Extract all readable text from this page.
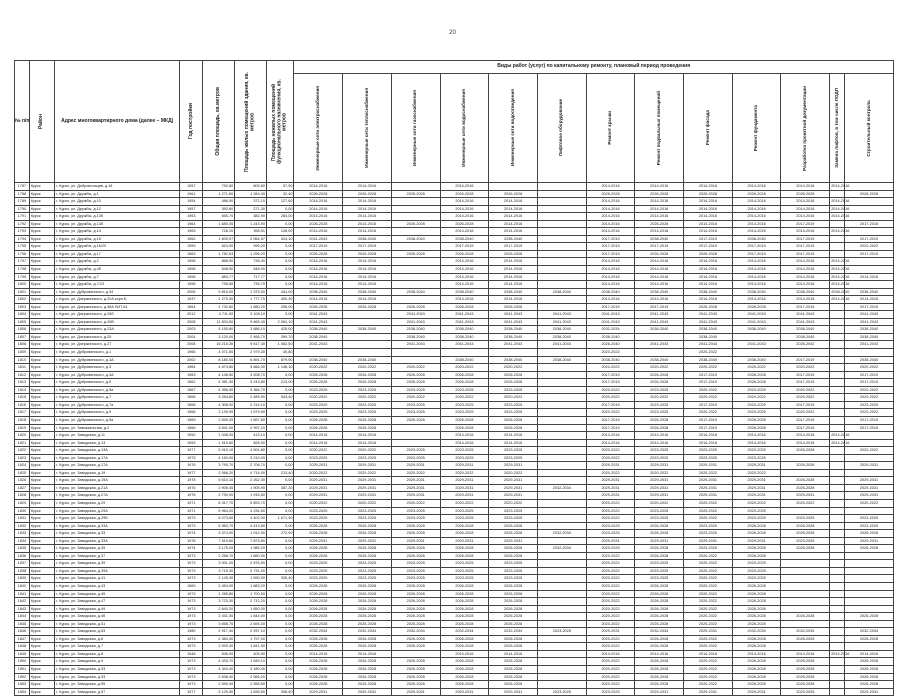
20
№ п/п	Район	Адрес многоквартирного дома (далее – МКД)	Год постройки	Общая площадь, кв.метров	Площадь жилых помещений здания, кв. метров	Площадь нежилых помещений функционального назначения, кв. метров	Виды работ (услуг) по капитальному ремонту, плановый период проведения												

							Инженерные сети электроснабжения	Инженерные сети теплоснабжения	Инженерные сети газоснабжения	Инженерные сети водоснабжения	Инженерные сети водоотведения	Лифтовое оборудование	Ремонт крыши	Ремонт подвальных помещений	Ремонт фасада	Ремонт фундамента	Разработка проектной документации	Замена лифтов, в том числе ЛОДП	Строительный контроль

1787	Курск	г. Курск, ул. Добровольцев, д.18	1957	792,80	609,80	57,90	2014-2016	2014-2016		2014-2016			2014-2016	2014-2016	2014-2016	2014-2016	2014-2016	2014-2016	
1788	Курск	г. Курск, ул. Дружбы, д.1	1961	1 271,80	1 284,40	32,40	2026-2028	2026-2028	2026-2028	2026-2028	2026-2028		2026-2028	2026-2028	2026-2028	2026-2028	2026-2028		2026-2028
1789	Курск	г. Курск, ул. Дружбы, д.10	1954	486,90	372,10	127,60	2014-2016	2014-2016		2014-2016	2014-2016		2014-2016	2014-2016	2014-2016	2014-2016	2014-2016	2014-2016	
1790	Курск	г. Курск, ул. Дружбы, д.12	1957	392,60	271,30	0,00	2014-2016	2014-2016		2014-2016	2014-2016		2014-2016	2014-2016	2014-2016	2014-2016	2014-2016	2014-2016	
1791	Курск	г. Курск, ул. Дружбы, д.13б	1953	655,70	382,90	283,00	2014-2016	2014-2016		2014-2016	2014-2016		2014-2016	2014-2016	2014-2016	2014-2016	2014-2016	2014-2016	
1792	Курск	г. Курск, ул. Дружбы, д.13б	1964	1 680,00	1 243,90	0,00	2026-2028	2014-2016	2026-2028	2026-2028	2014-2016		2014-2016	2026-2028	2014-2016	2014-2016	2017-2019		2017-2018
1793	Курск	г. Курск, ул. Дружбы, д.14	1963	728,20	398,51	128,00	2014-2016	2014-2016		2014-2016	2014-2016		2014-2016	2014-2016	2014-2016	2014-2016	2014-2016	2014-2016	
1794	Курск	г. Курск, ул. Дружбы, д.15	1962	1 609,07	2 064,57	324,10	2041-2043	2038-2040	2038-2040	2038-2040	2038-2040		2017-2019	2038-2040	2017-2019	2038-2040	2017-2019		2017-2019
1795	Курск	г. Курск, ул. Дружбы, д.16/20	1959	624,90	999,20	0,00	2017-2019	2017-2019		2017-2019	2017-2019		2017-2019	2017-2019	2017-2019	2017-2019	2017-2019		2020-2022
1796	Курск	г. Курск, ул. Дружбы, д.17	1963	1 782,63	1 296,20	0,00	2026-2028	2026-2028	2026-2028	2026-2028	2026-2028		2017-2019	2026-2028	2026-2028	2017-2019	2017-2019		2017-2019
1797	Курск	г. Курск, ул. Дружбы, д.2	1958	868,50	738,40	0,00	2014-2016	2014-2016		2014-2016	2014-2016		2014-2016	2014-2016	2014-2016	2014-2016	2014-2016	2014-2016	
1798	Курск	г. Курск, ул. Дружбы, д.4б	1958	548,90	548,90	0,00	2014-2016	2014-2016		2014-2016	2014-2016		2014-2016	2014-2016	2014-2016	2014-2016	2014-2016	2014-2016	
1799	Курск	г. Курск, ул. Дружбы, д.7	1958	883,77	717,77	0,00	2014-2016	2014-2016		2014-2016	2014-2016		2014-2016	2014-2016	2014-2016	2014-2016	2014-2016	2014-2016	2014-2016
1800	Курск	г. Курск, ул. Дружбы, д.7/23	1958	795,60	735,70	0,00	2014-2016	2014-2016		2014-2016	2014-2016		2014-2016	2014-2016	2014-2016	2014-2016	2014-2016	2014-2016	
1801	Курск	г. Курск, ул. Дубровинского, д.34	2006	9 816,00	1 375,00	441,00	2038-2040	2038-2040	2038-2040	2038-2040	2038-2040	2038-2040	2038-2040	2038-2040	2038-2040	2038-2040	2038-2040	2038-2040	2038-2040
1802	Курск	г. Курск, ул. Дзержинского, д.20А корп.Б	1937	1 270,00	1 777,70	492,30	2014-2016	2014-2016		2014-2016	2014-2016		2014-2016	2014-2016	2014-2016	2014-2016	2014-2016	2014-2016	2014-2016
1803	Курск	г. Курск, ул. Дзержинского, д.38А ЛИТ.А1	1964	1 732,60	1 580,20	206,00	2026-2028	2026-2028	2026-2028	2026-2028	2026-2028		2017-2019	2017-2019	2026-2028	2026-2028	2017-2019		2017-2019
1804	Курск	г. Курск, ул. Дзержинского, д.26б	2012	4 711,00	3 108,10	0,00	2041-2043		2041-2043	2041-2043	2041-2043	2041-2043	2041-2043	2041-2043	2041-2043	2041-2043	2041-2043		2041-2043
1805	Курск	г. Курск, ул. Дзержинского, д.26В	2008	11 834,50	9 665,40	2 061,10	2041-2043		2041-2043	2041-2043	2041-2043	2041-2043	2041-2043	2041-2043	2041-2043	2041-2043	2041-2043		2041-2043
1806	Курск	г. Курск, ул. Дзержинского, д.23А	2003	5 155,80	3 886,10	425,00	2038-2040	2038-2040	2038-2040	2038-2040	2038-2040	2038-2040	2032-2034	2038-2040	2038-2040	2038-2040	2038-2040		2038-2040
1807	Курск	г. Курск, ул. Дзержинского, д.25	2004	3 120,00	2 466,70	399,70	2038-2040		2038-2040	2038-2040	2038-2040	2038-2040	2038-2040		2038-2040		2038-2040		2038-2040
1808	Курск	г. Курск, ул. Дзержинского, д.27	2008	16 215,30	9 617,30	1 062,50	2041-2043		2041-2043	2041-2043	2041-2043	2041-2043	2026-2040	2041-2043	2041-2043	2041-2043	2026-2042		2041-2043
1809	Курск	г. Курск, ул. Дубровинского, д.1	1966	4 071,60	2 979,30	40,80							2020-2022		2020-2022				
1810	Курск	г. Курск, ул. Дубровинского, д.1А	2002	8 180,00	6 891,70	879,90	2038-2040	2038-2040		2038-2040	2038-2040	2038-2040	2038-2040	2038-2040	2038-2040	2038-2040	2017-2019		2038-2040
1811	Курск	г. Курск, ул. Дубровинского, д.3	1964	4 674,80	3 666,30	1 146,10	2020-2022	2020-2022	2020-2022	2020-2022	2020-2022		2020-2022	2020-2022	2020-2022	2020-2022	2020-2022		2020-2022
1812	Курск	г. Курск, ул. Дубровинского, д.3А	1963	4 146,50	3 208,70	0,00	2026-2028	2026-2028	2026-2028	2026-2028	2026-2028		2017-2019	2026-2028	2017-2019	2026-2028	2017-2019		2017-2019
1813	Курск	г. Курск, ул. Дубровинского, д.5	1962	4 381,30	3 243,80	213,00	2026-2028	2026-2028	2026-2028	2026-2028	2026-2028		2017-2019	2026-2028	2017-2019	2026-2028	2017-2019		2017-2019
1814	Курск	г. Курск, ул. Дубровинского, д.5а	1967	4 356,50	3 366,70	0,00	2023-2025	2023-2025	2023-2025	2023-2025	2023-2025		2020-2022	2023-2025	2020-2022	2023-2025	2020-2022		2020-2022
1815	Курск	г. Курск, ул. Дубровинского, д.7	1968	3 254,60	2 489,90	543,40	2020-2022	2020-2022	2020-2022	2020-2022	2020-2022		2020-2022	2020-2022	2020-2022	2020-2022	2020-2022		2020-2022
1816	Курск	г. Курск, ул. Дубровинского, д.7а	1968	4 308,00	2 214,10	0,00	2023-2025	2023-2025	2023-2025	2023-2025	2023-2025		2017-2019	2023-2025	2017-2019	2023-2025	2017-2019		2023-2025
1817	Курск	г. Курск, ул. Дубровинского, д.9	1968	2 139,90	1 579,90	0,00	2023-2025	2023-2025	2023-2025	2023-2025	2023-2025		2020-2022	2023-2025	2020-2022	2023-2025	2020-2022		2020-2022
1818	Курск	г. Курск, ул. Дубровинского, д.9а	1969	2 549,20	1 897,60	0,00	2026-2028	2026-2028	2026-2028	2026-2028	2026-2028		2017-2019	2026-2028	2017-2019	2026-2028	2017-2019		2017-2019
1819	Курск	г. Курск, ул. Завокзальная, д.2	1966	3 541,00	2 997,10	0,00	2026-2028	2026-2028		2026-2028	2026-2028		2017-2019	2026-2028	2017-2019	2026-2028	2017-2019		2017-2019
1820	Курск	г. Курск, ул. Заводская, д.11	1952	1 048,00	413,10	0,00	2014-2016	2014-2016		2014-2016	2014-2016		2014-2016	2014-2016	2014-2016	2014-2016	2014-2016	2014-2016	
1821	Курск	г. Курск, ул. Заводская, д.13	1953	1 510,60	828,90	0,00	2014-2016	2014-2016		2014-2016	2014-2016		2014-2016	2014-2016	2014-2016	2014-2016	2014-2016	2014-2016	
1822	Курск	г. Курск, ул. Заводская, д.13А	1977	5 919,10	4 504,80	0,00	2020-2022	2020-2022	2023-2025	2023-2025	2023-2025		2020-2022	2023-2025	2023-2025	2023-2025	2026-2028		2020-2022
1823	Курск	г. Курск, ул. Заводская, д.17А	1973	4 160,00	3 210,00	0,00	2023-2025	2023-2025	2023-2025	2023-2025	2023-2025		2020-2022	2023-2025	2023-2025	2023-2025			
1824	Курск	г. Курск, ул. Заводская, д.17А	1976	3 790,70	2 706,70	0,00	2029-2031	2029-2031	2029-2031	2029-2031	2029-2031		2029-2031	2029-2031	2029-2031	2029-2031	2026-2028		2029-2031
1825	Курск	г. Курск, ул. Заводская, д.19	1977	2 066,20	4 714,00	213,40	2020-2022	2020-2022	2020-2022	2020-2022	2020-2022		2020-2022	2020-2022	2020-2022	2020-2022			
1826	Курск	г. Курск, ул. Заводская, д.19А	1978	5 610,10	2 262,30	0,00	2029-2031	2029-2031	2029-2031	2029-2031	2029-2031		2029-2031	2029-2031	2029-2031	2029-2031	2026-2028		2029-2031
1827	Курск	г. Курск, ул. Заводская, д.21А	1976	2 906,40	1 905,90	387,20	2029-2031	2029-2031	2029-2031	2029-2031	2029-2031	2032-2034	2029-2031	2029-2031	2029-2031	2029-2031	2026-2028		2029-2031
1828	Курск	г. Курск, ул. Заводская, д.27А	1976	2 790,00	1 916,50	0,00	2029-2031	2029-2031	2029-2031	2029-2031	2029-2031		2029-2031	2029-2031	2029-2031	2029-2031	2029-2031		2029-2031
1829	Курск	г. Курск, ул. Заводская, д.29	1971	6 317,70	5 893,70	0,00	2020-2022	2020-2022	2020-2022	2020-2022	2020-2022		2020-2022	2020-2022	2020-2022	2020-2022	2020-2022		2020-2022
1830	Курск	г. Курск, ул. Заводская, д.29А	1971	5 964,20	4 234,50	0,00	2023-2025	2023-2025	2023-2025	2023-2025	2023-2025		2020-2022	2023-2025	2020-2022	2023-2025			
1831	Курск	г. Курск, ул. Заводская, д.29Б	1973	6 073,60	4 402,00	1 671,40	2023-2025	2023-2025	2023-2025	2023-2025	2023-2025		2020-2022	2023-2025	2020-2022	2023-2025	2023-2025		2023-2025
1832	Курск	г. Курск, ул. Заводская, д.33А	1973	5 983,70	4 413,80	0,00	2026-2028	2026-2028	2026-2028	2026-2028	2026-2028		2023-2025	2026-2028	2023-2025	2026-2028	2026-2028		2023-2025
1833	Курск	г. Курск, ул. Заводская, д.33	1974	3 374,00	1 912,50	272,90	2026-2028	2026-2028	2026-2028	2026-2028	2026-2028	2032-2034	2023-2025	2026-2028	2023-2025	2026-2028	2026-2028		2026-2028
1834	Курск	г. Курск, ул. Заводская, д.33А	1978	7 519,60	7 873,60	0,00	2029-2031	2029-2031	2029-2031	2029-2031	2029-2031		2029-2031	2029-2031	2029-2031	2029-2031	2023-2025		2029-2031
1835	Курск	г. Курск, ул. Заводская, д.35	1974	3 175,20	1 985,20	0,00	2026-2028	2026-2028	2026-2028	2026-2028	2026-2028	2032-2034	2023-2025	2026-2028	2023-2025	2026-2028	2026-2028		2026-2028
1836	Курск	г. Курск, ул. Заводская, д.37	1973	2 268,70	1 680,90	0,00	2026-2028	2026-2028	2026-2028	2026-2028	2026-2028		2020-2022	2026-2028	2020-2022	2026-2028			
1837	Курск	г. Курск, ул. Заводская, д.39	1973	3 001,00	2 676,90	0,00	2023-2025	2023-2025	2023-2025	2023-2025	2023-2025		2020-2022	2023-2025	2020-2022	2023-2025			
1838	Курск	г. Курск, ул. Заводская, д.39А	1973	3 715,30	2 731,00	0,00	2023-2025	2023-2025	2023-2025	2023-2025	2023-2025		2020-2022	2023-2025	2020-2022	2023-2025			
1839	Курск	г. Курск, ул. Заводская, д.41	1973	2 145,30	1 590,00	326,40	2023-2025	2023-2025	2023-2025	2023-2025	2023-2025		2020-2022	2023-2025	2020-2022	2023-2025			
1840	Курск	г. Курск, ул. Заводская, д.43	1969	2 454,90	1 883,20	0,00	2026-2028	2026-2028	2026-2028	2026-2028	2026-2028		2020-2022	2026-2028	2020-2022	2026-2028			
1841	Курск	г. Курск, ул. Заводская, д.45	1973	1 285,80	1 700,50	0,00	2026-2028	2026-2028	2026-2028	2026-2028	2026-2028		2020-2022	2026-2028	2020-2022	2026-2028			
1842	Курск	г. Курск, ул. Заводская, д.47	1973	3 723,30	2 712,20	0,00	2026-2028	2026-2028	2026-2028	2026-2028	2026-2028		2020-2022	2026-2028	2020-2022	2026-2028			
1843	Курск	г. Курск, ул. Заводская, д.49	1973	2 640,20	1 850,00	0,00	2026-2028	2026-2028	2026-2028	2026-2028	2026-2028		2020-2022	2026-2028	2020-2022	2026-2028			
1844	Курск	г. Курск, ул. Заводская, д.4б	1973	2 431,50	1 844,00	0,00	2026-2028	2026-2028	2026-2028	2026-2028	2026-2028		2020-2022	2026-2028	2020-2022	2026-2028	2026-2028		2026-2028
1845	Курск	г. Курск, ул. Заводская, д.51	1973	3 655,70	2 694,00	0,00	2026-2028	2026-2028	2026-2028	2026-2028	2026-2028		2020-2022	2026-2028	2020-2022	2026-2028			
1846	Курск	г. Курск, ул. Заводская, д.53	1980	2 917,40	2 937,10	0,00	2032-2034	2032-2034	2032-2034	2032-2034	2032-2034	2023-2025	2029-2031	2032-2034	2029-2031	2032-2034	2032-2034		2032-2034
1847	Курск	г. Курск, ул. Заводская, д.6	1973	2 384,30	1 797,00	0,00	2026-2028	2026-2028	2026-2028	2026-2028	2026-2028		2020-2022	2026-2028	2020-2022	2026-2028	2026-2028		2026-2028
1848	Курск	г. Курск, ул. Заводская, д.7	1973	2 933,30	1 841,90	0,00	2026-2028	2026-2028	2026-2028	2026-2028	2026-2028		2020-2022	2026-2028	2020-2022	2026-2028			
1849	Курск	г. Курск, ул. Заводская, д.8	1948	546,90	405,90	0,00	2014-2016	2014-2016		2014-2016	2014-2016		2014-2016	2014-2016	2014-2016	2014-2016	2014-2016	2014-2016	2014-2016
1850	Курск	г. Курск, ул. Заводская, д.9	1973	4 433,70	1 849,10	0,00	2026-2028	2026-2028	2026-2028	2026-2028	2026-2028		2020-2022	2026-2028	2020-2022	2026-2028	2026-2028		2026-2028
1851	Курск	г. Курск, ул. Заводская, д.53	1973	4 344,40	3 180,40	0,00	2026-2028	2026-2028	2026-2028	2026-2028	2026-2028		2020-2022	2026-2028	2020-2022	2026-2028	2026-2028		2026-2028
1852	Курск	г. Курск, ул. Заводская, д.53	1973	2 638,40	2 065,20	0,00	2026-2028	2026-2028	2026-2028	2026-2028	2026-2028		2020-2022	2026-2028	2020-2022	2026-2028	2026-2028		2026-2028
1853	Курск	г. Курск, ул. Заводская, д.55	1973	2 590,00	2 558,50	0,00	2026-2028	2026-2028	2026-2028	2026-2028	2026-2028		2020-2022	2026-2028	2020-2022	2026-2028	2026-2028		2026-2028
1854	Курск	г. Курск, ул. Заводская, д.57	1977	5 129,50	1 839,50	308,40	2029-2031	2029-2031	2029-2031	2029-2031	2029-2031	2023-2025	2023-2025	2029-2031	2029-2031	2029-2031	2023-2025		2029-2031
